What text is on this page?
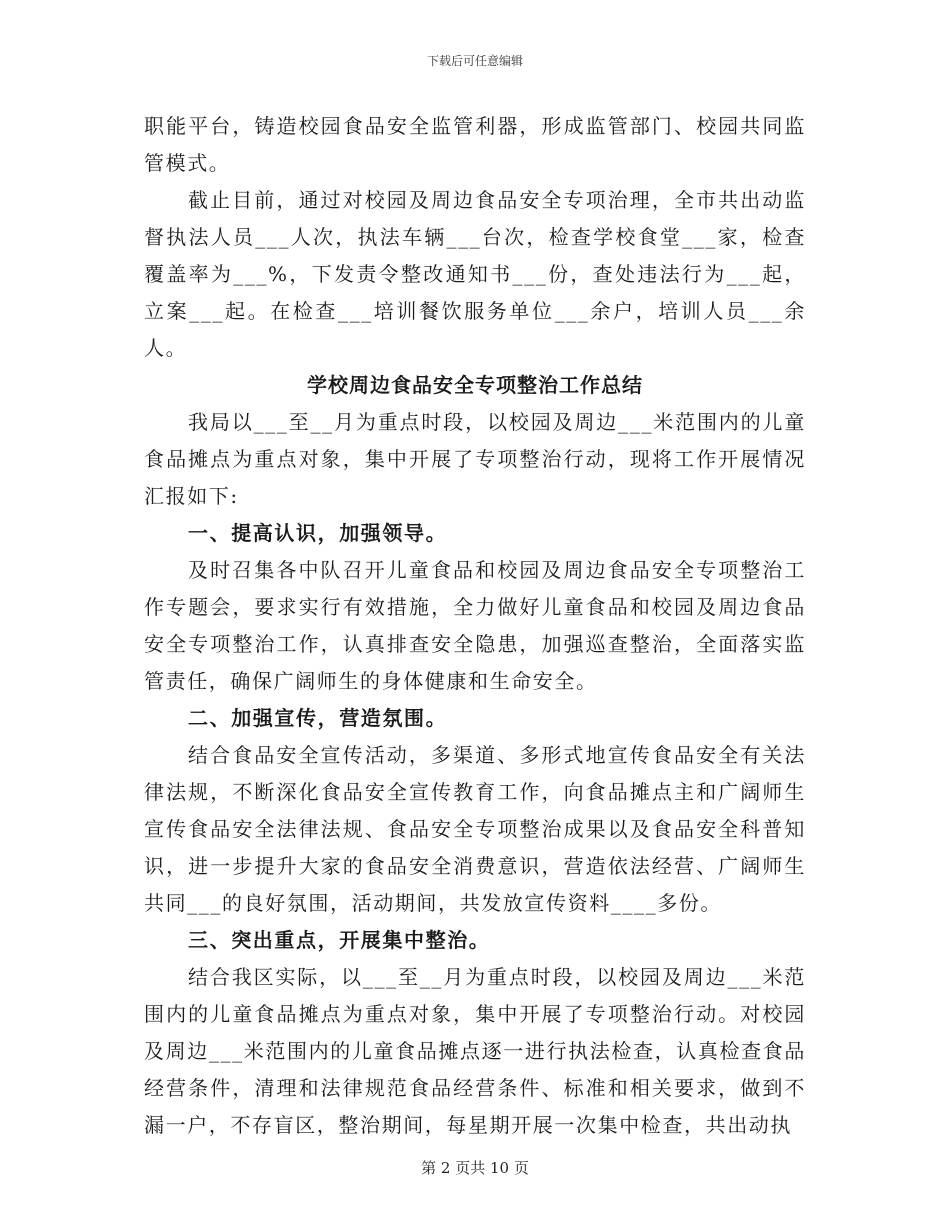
下载后可任意编辑

职能平台，铸造校园食品安全监管利器，形成监管部门、校园共同监管模式。

截止目前，通过对校园及周边食品安全专项治理，全市共出动监督执法人员___人次，执法车辆___台次，检查学校食堂___家，检查覆盖率为___%，下发责令整改通知书___份，查处违法行为___起，立案___起。在检查___培训餐饮服务单位___余户，培训人员___余人。

学校周边食品安全专项整治工作总结

我局以___至__月为重点时段，以校园及周边___米范围内的儿童食品摊点为重点对象，集中开展了专项整治行动，现将工作开展情况汇报如下:

一、提高认识，加强领导。

及时召集各中队召开儿童食品和校园及周边食品安全专项整治工作专题会，要求实行有效措施，全力做好儿童食品和校园及周边食品安全专项整治工作，认真排查安全隐患，加强巡查整治，全面落实监管责任，确保广阔师生的身体健康和生命安全。

二、加强宣传，营造氛围。

结合食品安全宣传活动，多渠道、多形式地宣传食品安全有关法律法规，不断深化食品安全宣传教育工作，向食品摊点主和广阔师生宣传食品安全法律法规、食品安全专项整治成果以及食品安全科普知识，进一步提升大家的食品安全消费意识，营造依法经营、广阔师生共同___的良好氛围，活动期间，共发放宣传资料____多份。

三、突出重点，开展集中整治。

结合我区实际，以___至__月为重点时段，以校园及周边___米范围内的儿童食品摊点为重点对象，集中开展了专项整治行动。对校园及周边___米范围内的儿童食品摊点逐一进行执法检查，认真检查食品经营条件，清理和法律规范食品经营条件、标准和相关要求，做到不漏一户，不存盲区，整治期间，每星期开展一次集中检查，共出动执

第 2 页共 10 页
